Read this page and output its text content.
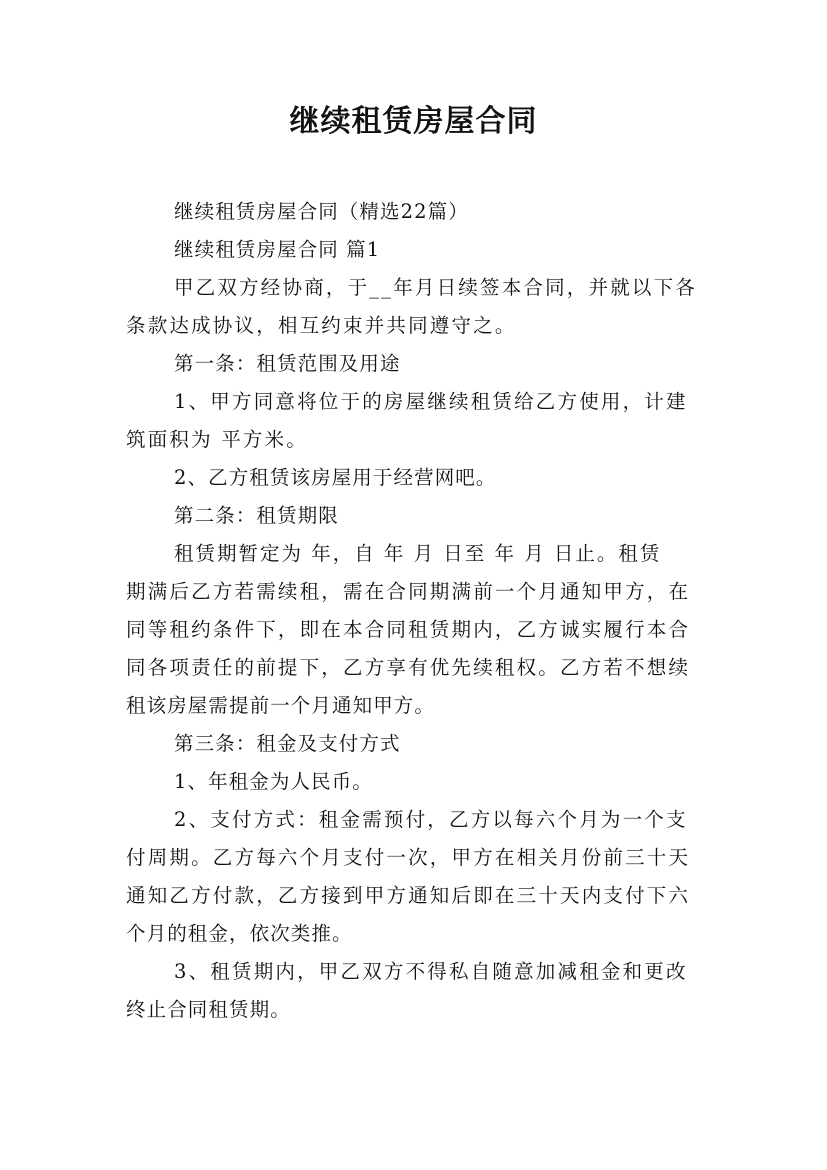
继续租赁房屋合同
继续租赁房屋合同（精选22篇）
继续租赁房屋合同 篇1
甲乙双方经协商，于__年月日续签本合同，并就以下各
条款达成协议，相互约束并共同遵守之。
第一条：租赁范围及用途
1、甲方同意将位于的房屋继续租赁给乙方使用，计建
筑面积为 平方米。
2、乙方租赁该房屋用于经营网吧。
第二条：租赁期限
租赁期暂定为 年，自 年 月 日至 年 月 日止。租赁
期满后乙方若需续租，需在合同期满前一个月通知甲方，在
同等租约条件下，即在本合同租赁期内，乙方诚实履行本合
同各项责任的前提下，乙方享有优先续租权。乙方若不想续
租该房屋需提前一个月通知甲方。
第三条：租金及支付方式
1、年租金为人民币。
2、支付方式：租金需预付，乙方以每六个月为一个支
付周期。乙方每六个月支付一次，甲方在相关月份前三十天
通知乙方付款，乙方接到甲方通知后即在三十天内支付下六
个月的租金，依次类推。
3、租赁期内，甲乙双方不得私自随意加减租金和更改
终止合同租赁期。
